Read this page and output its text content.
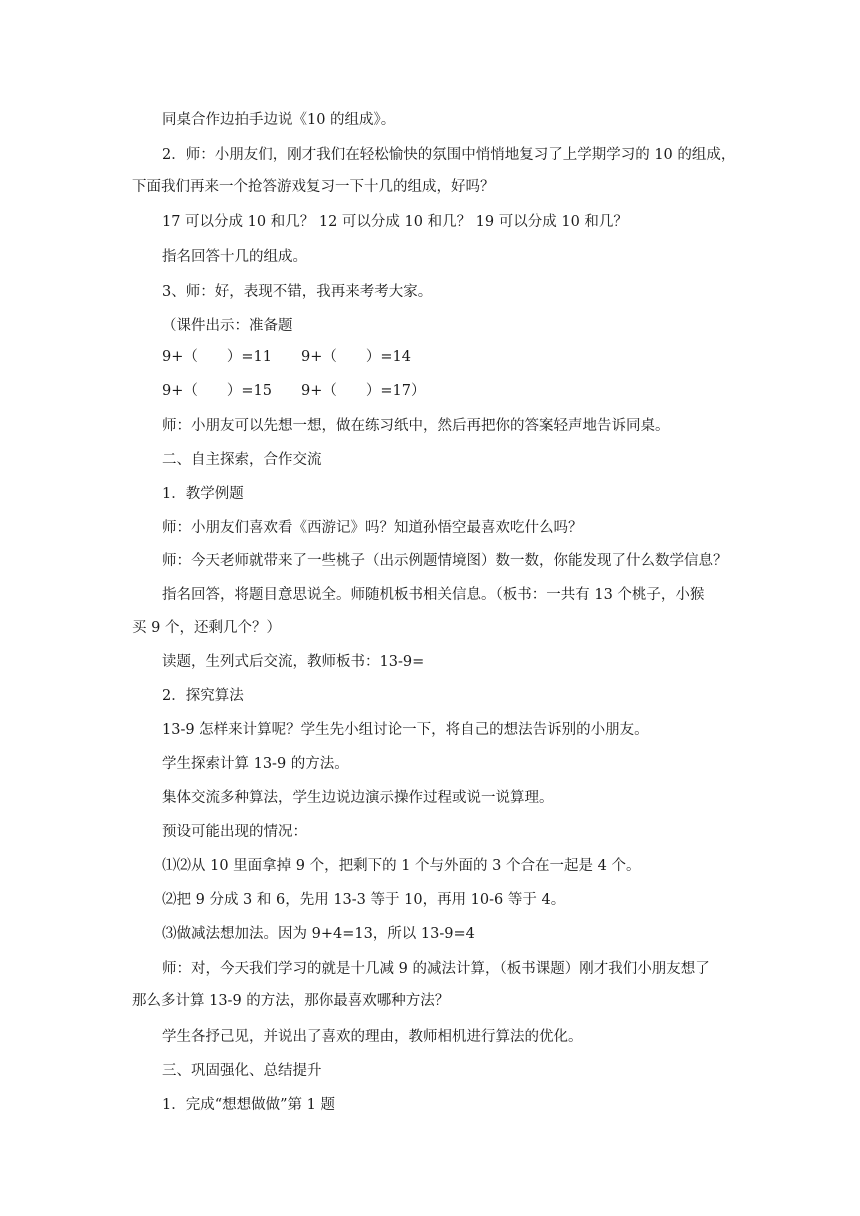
同桌合作边拍手边说《10 的组成》。
2．师：小朋友们，刚才我们在轻松愉快的氛围中悄悄地复习了上学期学习的 10 的组成，
下面我们再来一个抢答游戏复习一下十几的组成，好吗？
17 可以分成 10 和几？ 12 可以分成 10 和几？ 19 可以分成 10 和几？
指名回答十几的组成。
3、师：好，表现不错，我再来考考大家。
（课件出示：准备题
9+（　　）=11　　9+（　　）=14
9+（　　）=15　　9+（　　）=17）
师：小朋友可以先想一想，做在练习纸中，然后再把你的答案轻声地告诉同桌。
二、自主探索，合作交流
1．教学例题
师：小朋友们喜欢看《西游记》吗？知道孙悟空最喜欢吃什么吗？
师：今天老师就带来了一些桃子（出示例题情境图）数一数，你能发现了什么数学信息？
指名回答，将题目意思说全。师随机板书相关信息。（板书：一共有 13 个桃子，小猴
买 9 个，还剩几个？）
读题，生列式后交流，教师板书：13-9=
2．探究算法
13-9 怎样来计算呢？学生先小组讨论一下，将自己的想法告诉别的小朋友。
学生探索计算 13-9 的方法。
集体交流多种算法，学生边说边演示操作过程或说一说算理。
预设可能出现的情况：
⑴⑵从 10 里面拿掉 9 个，把剩下的 1 个与外面的 3 个合在一起是 4 个。
⑵把 9 分成 3 和 6，先用 13-3 等于 10，再用 10-6 等于 4。
⑶做减法想加法。因为 9+4=13，所以 13-9=4
师：对，今天我们学习的就是十几减 9 的减法计算，（板书课题）刚才我们小朋友想了
那么多计算 13-9 的方法，那你最喜欢哪种方法？
学生各抒己见，并说出了喜欢的理由，教师相机进行算法的优化。
三、巩固强化、总结提升
1．完成“想想做做”第 1 题
